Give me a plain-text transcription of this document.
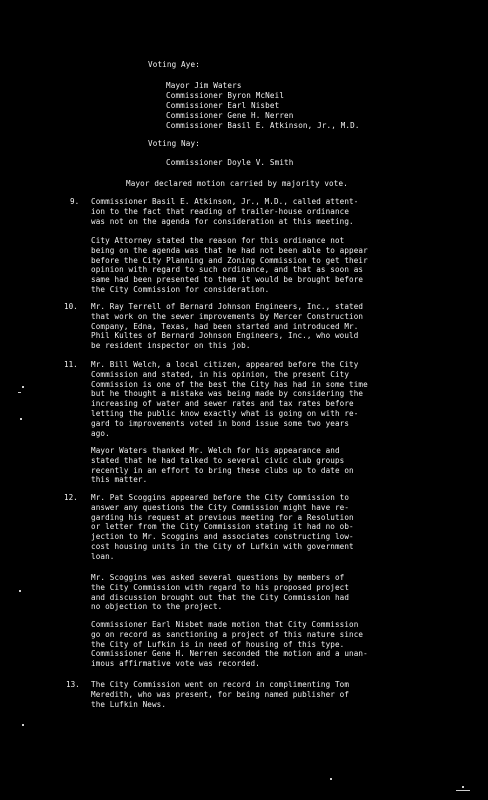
Voting Aye:
Mayor Jim Waters
Commissioner Byron McNeil
Commissioner Earl Nisbet
Commissioner Gene H. Nerren
Commissioner Basil E. Atkinson, Jr., M.D.
Voting Nay:
Commissioner Doyle V. Smith
Mayor declared motion carried by majority vote.
9. Commissioner Basil E. Atkinson, Jr., M.D., called attent-
ion to the fact that reading of trailer-house ordinance
was not on the agenda for consideration at this meeting.
City Attorney stated the reason for this ordinance not
being on the agenda was that he had not been able to appear
before the City Planning and Zoning Commission to get their
opinion with regard to such ordinance, and that as soon as
same had been presented to them it would be brought before
the City Commission for consideration.
10. Mr. Ray Terrell of Bernard Johnson Engineers, Inc., stated
that work on the sewer improvements by Mercer Construction
Company, Edna, Texas, had been started and introduced Mr.
Phil Kultes of Bernard Johnson Engineers, Inc., who would
be resident inspector on this job.
11. Mr. Bill Welch, a local citizen, appeared before the City
Commission and stated, in his opinion, the present City
Commission is one of the best the City has had in some time
but he thought a mistake was being made by considering the
increasing of water and sewer rates and tax rates before
letting the public know exactly what is going on with re-
gard to improvements voted in bond issue some two years
ago.
Mayor Waters thanked Mr. Welch for his appearance and
stated that he had talked to several civic club groups
recently in an effort to bring these clubs up to date on
this matter.
12. Mr. Pat Scoggins appeared before the City Commission to
answer any questions the City Commission might have re-
garding his request at previous meeting for a Resolution
or letter from the City Commission stating it had no ob-
jection to Mr. Scoggins and associates constructing low-
cost housing units in the City of Lufkin with government
loan.
Mr. Scoggins was asked several questions by members of
the City Commission with regard to his proposed project
and discussion brought out that the City Commission had
no objection to the project.
Commissioner Earl Nisbet made motion that City Commission
go on record as sanctioning a project of this nature since
the City of Lufkin is in need of housing of this type.
Commissioner Gene H. Nerren seconded the motion and a unan-
imous affirmative vote was recorded.
13. The City Commission went on record in complimenting Tom
Meredith, who was present, for being named publisher of
the Lufkin News.
